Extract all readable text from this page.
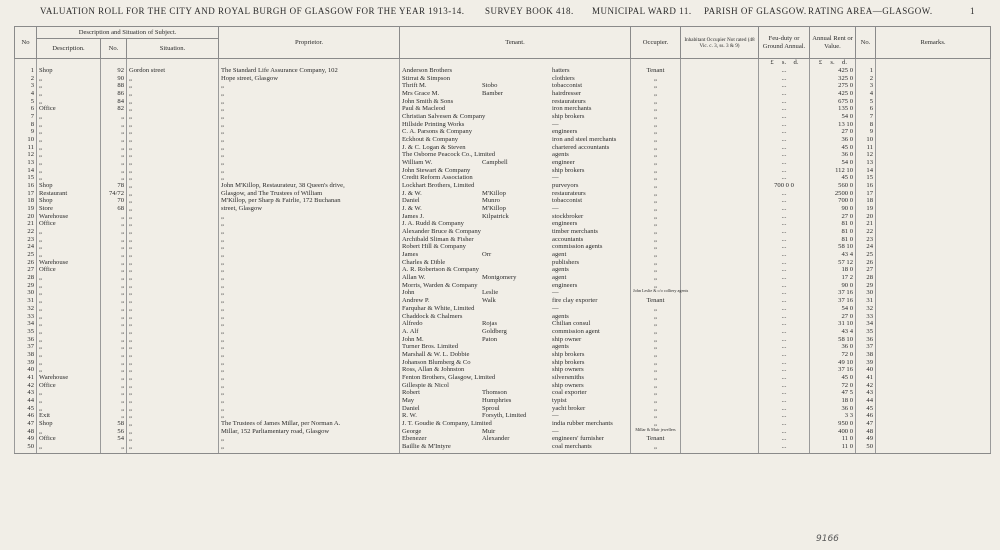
VALUATION ROLL FOR THE CITY AND ROYAL BURGH OF GLASGOW FOR THE YEAR 1913-14. SURVEY BOOK 418. MUNICIPAL WARD 11. PARISH OF GLASGOW. RATING AREA—GLASGOW.	1
No	Description and Situation of Subject.			Proprietor.	Tenant.	Occupier.	Inhabitant Occupier Not rated (48 Vic. c. 3, ss. 3 & 9)	Feu-duty or Ground Annual.	Annual Rent or Value.	No.	Remarks.
	Description.	No.	Situation.								
								£ s. d.	£ s. d.		
1	Shop	92	Gordon street	The Standard Life Assurance Company, 102	Anderson Brothers hatters	Tenant		...	425 0	1	
2	„	90	„	Hope street, Glasgow	Stirrat & Simpson clothiers	„		...	325 0	2	
3	„	88	„	„	Thrift M. Stobo tobacconist	„		...	275 0	3	
4	„	86	„	„	Mrs Grace M. Bamber hairdresser	„		...	425 0	4	
5	„	84	„	„	John Smith & Sons restaurateurs	„		...	675 0	5	
6	Office	82	„	„	Paul & Macleod iron merchants	„		...	135 0	6	
7	„	„	„	„	Christian Salvesen & Company ship brokers	„		...	54 0	7	
8	„	„	„	„	Hillside Printing Works —	„		...	13 10	8	
9	„	„	„	„	C. A. Parsons & Company engineers	„		...	27 0	9	
10	„	„	„	„	Eckhout & Company iron and steel merchants	„		...	36 0	10	
11	„	„	„	„	J. & C. Logan & Steven chartered accountants	„		...	45 0	11	
12	„	„	„	„	The Osborne Peacock Co., Limited agents	„		...	36 0	12	
13	„	„	„	„	William W. Campbell engineer	„		...	54 0	13	
14	„	„	„	„	John Stewart & Company ship brokers	„		...	112 10	14	
15	„	„	„	„	Credit Reform Association —	„		...	45 0	15	
16	Shop	78	„	John M'Killop, Restaurateur, 38 Queen's drive,	Lockhart Brothers, Limited purveyors	„		700 0 0	560 0	16	
17	Restaurant	74/72	„	Glasgow, and The Trustees of William	J. & W. M'Killop restaurateurs	„		...	2500 0	17	
18	Shop	70	„	M'Killop, per Sharp & Fairlie, 172 Buchanan	Daniel Munro tobacconist	„		...	700 0	18	
19	Store	68	„	street, Glasgow	J. & W. M'Killop —	„		...	90 0	19	
20	Warehouse	„	„	„	James J. Kilpatrick stockbroker	„		...	27 0	20	
21	Office	„	„	„	J. A. Rudd & Company engineers	„		...	81 0	21	
22	„	„	„	„	Alexander Bruce & Company timber merchants	„		...	81 0	22	
23	„	„	„	„	Archibald Sliman & Fisher accountants	„		...	81 0	23	
24	„	„	„	„	Robert Hill & Company commission agents	„		...	58 10	24	
25	„	„	„	„	James Orr agent	„		...	43 4	25	
26	Warehouse	„	„	„	Charles & Dible publishers	„		...	57 12	26	
27	Office	„	„	„	A. R. Robertson & Company agents	„		...	18 0	27	
28	„	„	„	„	Allan W. Montgomery agent	„		...	17 2	28	
29	„	„	„	„	Morris, Warden & Company engineers	„		...	90 0	29	
30	„	„	„	„	John Leslie —	John Leslie & c/o colliery agents		...	37 16	30	
31	„	„	„	„	Andrew P. Walk fire clay exporter	Tenant		...	37 16	31	
32	„	„	„	„	Farquhar & White, Limited —	„		...	54 0	32	
33	„	„	„	„	Chaddock & Chalmers agents	„		...	27 0	33	
34	„	„	„	„	Alfredo Rojas Chilian consul	„		...	31 10	34	
35	„	„	„	„	A. Alf Goldberg commission agent	„		...	43 4	35	
36	„	„	„	„	John M. Paton ship owner	„		...	58 10	36	
37	„	„	„	„	Turner Bros. Limited agents	„		...	36 0	37	
38	„	„	„	„	Marshall & W. L. Dobbie ship brokers	„		...	72 0	38	
39	„	„	„	„	Johanson Blumberg & Co ship brokers	„		...	49 10	39	
40	„	„	„	„	Ross, Allan & Johnston ship owners	„		...	37 16	40	
41	Warehouse	„	„	„	Fenton Brothers, Glasgow, Limited silversmiths	„		...	45 0	41	
42	Office	„	„	„	Gillespie & Nicol ship owners	„		...	72 0	42	
43	„	„	„	„	Robert Thomson coal exporter	„		...	47 5	43	
44	„	„	„	„	May Humphries typist	„		...	18 0	44	
45	„	„	„	„	Daniel Sproul yacht broker	„		...	36 0	45	
46	Exit	„	„	„	R. W. Forsyth, Limited —	„		...	3 3	46	
47	Shop	58	„	The Trustees of James Millar, per Norman A.	J. T. Goudie & Company, Limited india rubber merchants	„		...	950 0	47	
48	„	56	„	Millar, 152 Parliamentary road, Glasgow	George Muir —	Millar & Muir jewellers		...	400 0	48	
49	Office	54	„	„	Ebenezer Alexander engineers' furnisher	Tenant		...	11 0	49	
50	„	„	„	„	Baillie & M'Intyre coal merchants	„		...	11 0	50	

9166
